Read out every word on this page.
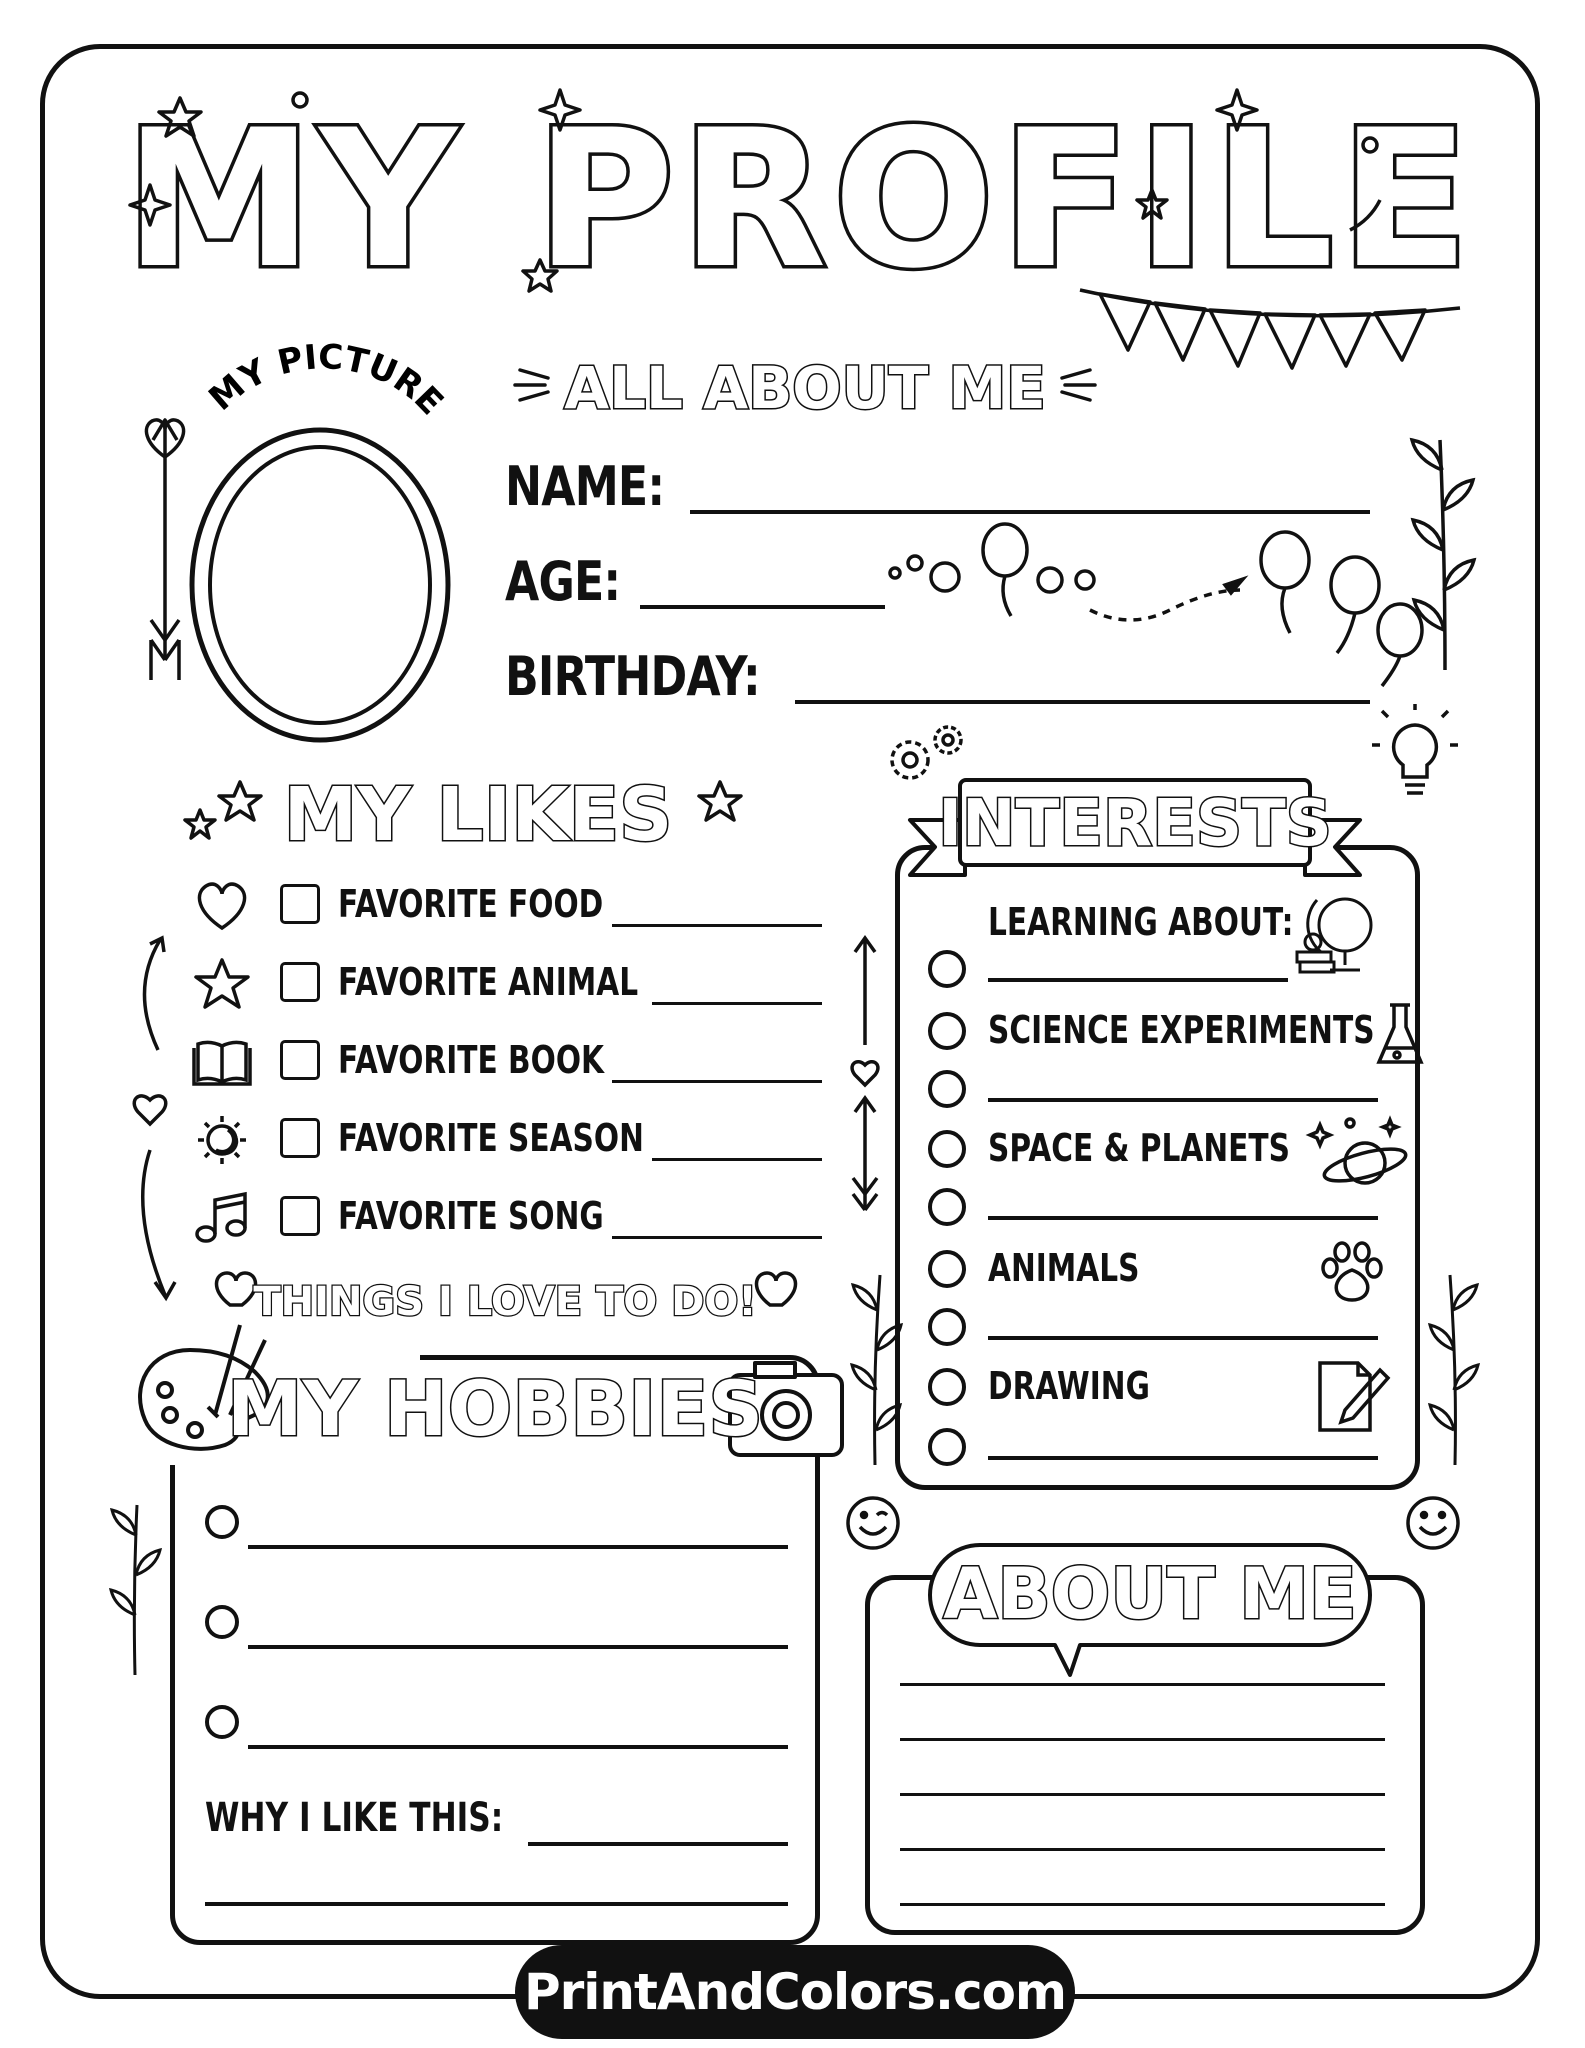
MY PROFILE
MY PICTURE ALL ABOUT ME
NAME:
AGE:
BIRTHDAY:
MY LIKES
FAVORITE FOOD
FAVORITE ANIMAL
FAVORITE BOOK
FAVORITE SEASON
FAVORITE SONG
THINGS I LOVE TO DO!
INTERESTS
LEARNING ABOUT:
SCIENCE EXPERIMENTS
SPACE & PLANETS
ANIMALS
DRAWING
MY HOBBIES
WHY I LIKE THIS:
ABOUT ME
PrintAndColors.com
